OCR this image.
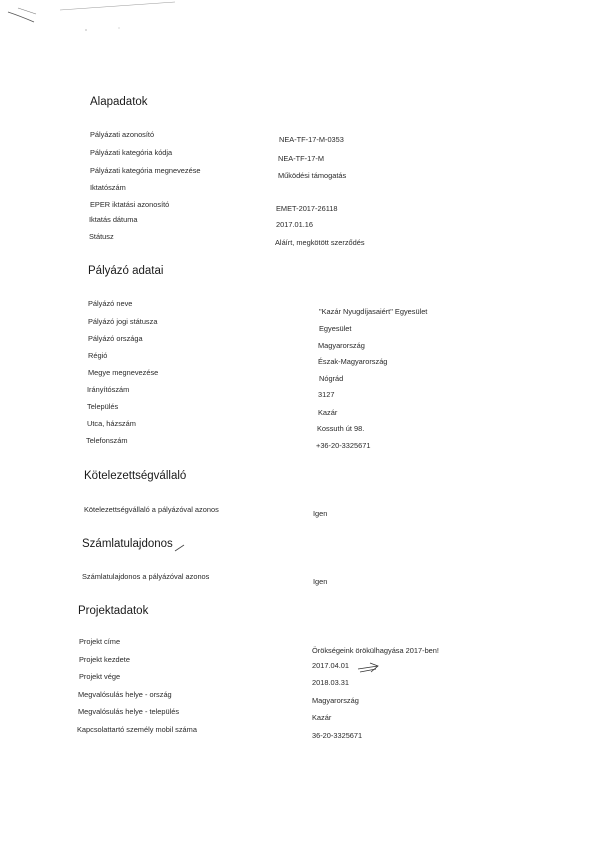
Alapadatok
Pályázati azonosító
NEA-TF-17-M-0353
Pályázati kategória kódja
NEA-TF-17-M
Pályázati kategória megnevezése
Működési támogatás
Iktatószám
EPER iktatási azonosító	EMET-2017-26118
Iktatás dátuma
2017.01.16
Státusz
Aláírt, megkötött szerződés
Pályázó adatai
Pályázó neve
"Kazár Nyugdíjasaiért" Egyesület
Pályázó jogi státusza
Egyesület
Pályázó országa
Magyarország
Régió
Észak-Magyarország
Megye megnevezése
Nógrád
Irányítószám
3127
Település
Kazár
Utca, házszám
Kossuth út 98.
Telefonszám
+36-20-3325671
Kötelezettségvállaló
Kötelezettségvállaló a pályázóval azonos	Igen
Számlatulajdonos
Számlatulajdonos a pályázóval azonos
Igen
Projektadatok
Projekt címe
Örökségeink örökülhagyása 2017-ben!
Projekt kezdete
2017.04.01
Projekt vége
2018.03.31
Megvalósulás helye - ország
Magyarország
Megvalósulás helye - település
Kazár
Kapcsolattartó személy mobil száma
36-20-3325671
